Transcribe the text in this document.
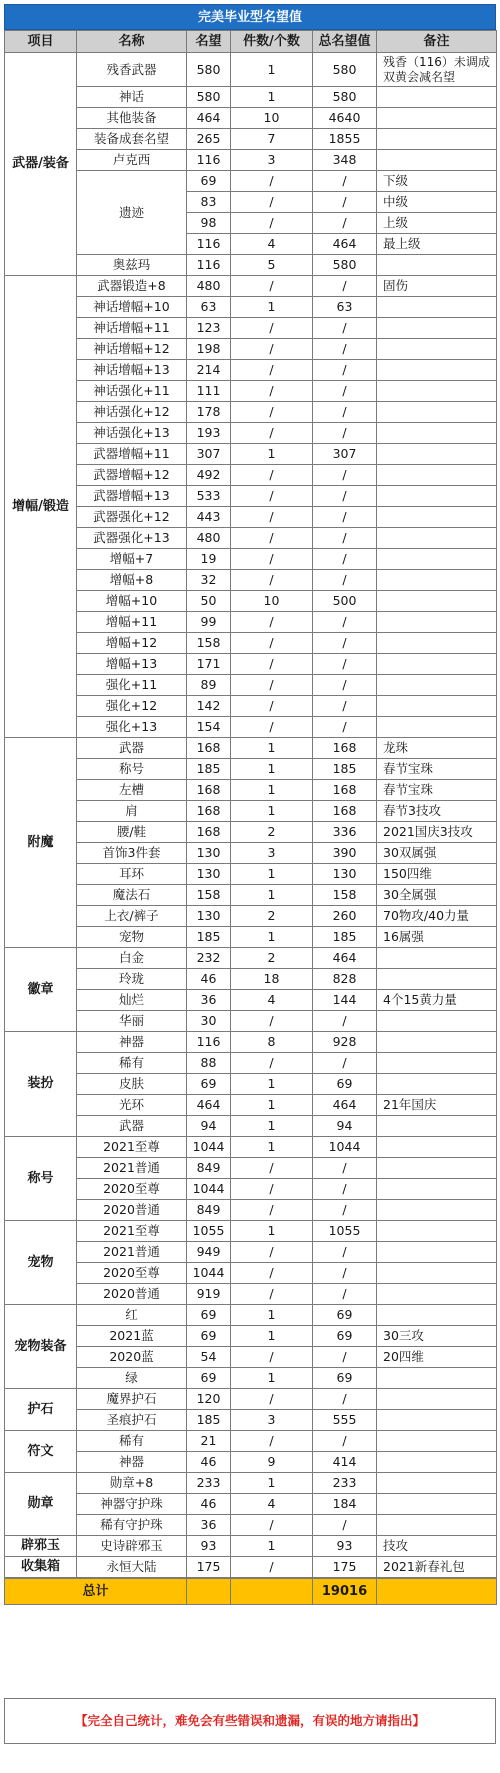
完美毕业型名望值
项目	名称	名望	件数/个数	总名望值	备注
武器/装备	残香武器	580	1	580	残香（116）未调成双黄会减名望
	神话	580	1	580	
	其他装备	464	10	4640	
	装备成套名望	265	7	1855	
	卢克西	116	3	348	
	遗迹	69	/	/	下级
		83	/	/	中级
		98	/	/	上级
		116	4	464	最上级
	奥兹玛	116	5	580	
增幅/锻造	武器锻造+8	480	/	/	固伤
	神话增幅+10	63	1	63	
	神话增幅+11	123	/	/	
	神话增幅+12	198	/	/	
	神话增幅+13	214	/	/	
	神话强化+11	111	/	/	
	神话强化+12	178	/	/	
	神话强化+13	193	/	/	
	武器增幅+11	307	1	307	
	武器增幅+12	492	/	/	
	武器增幅+13	533	/	/	
	武器强化+12	443	/	/	
	武器强化+13	480	/	/	
	增幅+7	19	/	/	
	增幅+8	32	/	/	
	增幅+10	50	10	500	
	增幅+11	99	/	/	
	增幅+12	158	/	/	
	增幅+13	171	/	/	
	强化+11	89	/	/	
	强化+12	142	/	/	
	强化+13	154	/	/	
附魔	武器	168	1	168	龙珠
	称号	185	1	185	春节宝珠
	左槽	168	1	168	春节宝珠
	肩	168	1	168	春节3技攻
	腰/鞋	168	2	336	2021国庆3技攻
	首饰3件套	130	3	390	30双属强
	耳环	130	1	130	150四维
	魔法石	158	1	158	30全属强
	上衣/裤子	130	2	260	70物攻/40力量
	宠物	185	1	185	16属强
徽章	白金	232	2	464	
	玲珑	46	18	828	
	灿烂	36	4	144	4个15黄力量
	华丽	30	/	/	
装扮	神器	116	8	928	
	稀有	88	/	/	
	皮肤	69	1	69	
	光环	464	1	464	21年国庆
	武器	94	1	94	
称号	2021至尊	1044	1	1044	
	2021普通	849	/	/	
	2020至尊	1044	/	/	
	2020普通	849	/	/	
宠物	2021至尊	1055	1	1055	
	2021普通	949	/	/	
	2020至尊	1044	/	/	
	2020普通	919	/	/	
宠物装备	红	69	1	69	
	2021蓝	69	1	69	30三攻
	2020蓝	54	/	/	20四维
	绿	69	1	69	
护石	魔界护石	120	/	/	
	圣痕护石	185	3	555	
符文	稀有	21	/	/	
	神器	46	9	414	
勋章	勋章+8	233	1	233	
	神器守护珠	46	4	184	
	稀有守护珠	36	/	/	
辟邪玉	史诗辟邪玉	93	1	93	技攻
收集箱	永恒大陆	175	/	175	2021新春礼包
总计			19016	
【完全自己统计，难免会有些错误和遗漏，有误的地方请指出】
